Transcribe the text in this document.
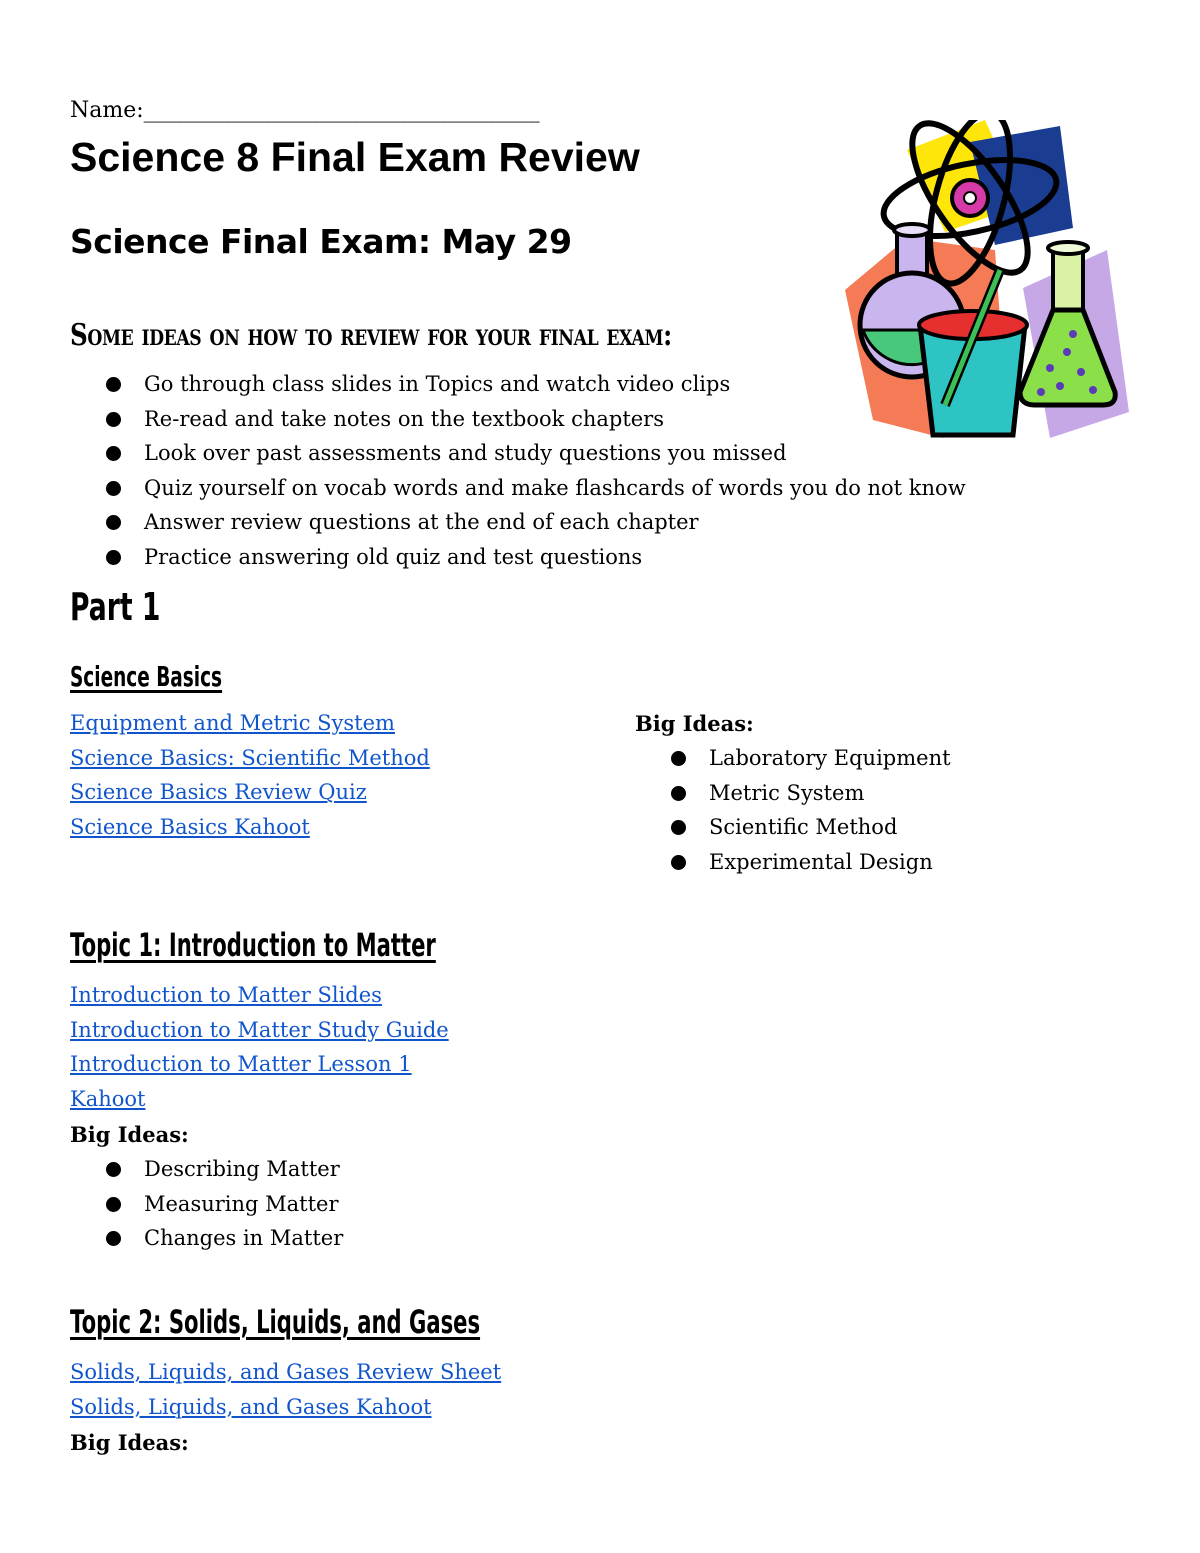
Name:____________________________________
Science 8 Final Exam Review
Science Final Exam: May 29
Some ideas on how to review for your final exam:
Go through class slides in Topics and watch video clips
Re-read and take notes on the textbook chapters
Look over past assessments and study questions you missed
Quiz yourself on vocab words and make flashcards of words you do not know
Answer review questions at the end of each chapter
Practice answering old quiz and test questions
Part 1
Science Basics
Equipment and Metric System
Science Basics: Scientific Method
Science Basics Review Quiz
Science Basics Kahoot

Big Ideas:

Laboratory Equipment
Metric System
Scientific Method
Experimental Design
Topic 1: Introduction to Matter
Introduction to Matter Slides
Introduction to Matter Study Guide
Introduction to Matter Lesson 1
Kahoot

Big Ideas:

Describing Matter
Measuring Matter
Changes in Matter
Topic 2: Solids, Liquids, and Gases
Solids, Liquids, and Gases Review Sheet
Solids, Liquids, and Gases Kahoot

Big Ideas:
